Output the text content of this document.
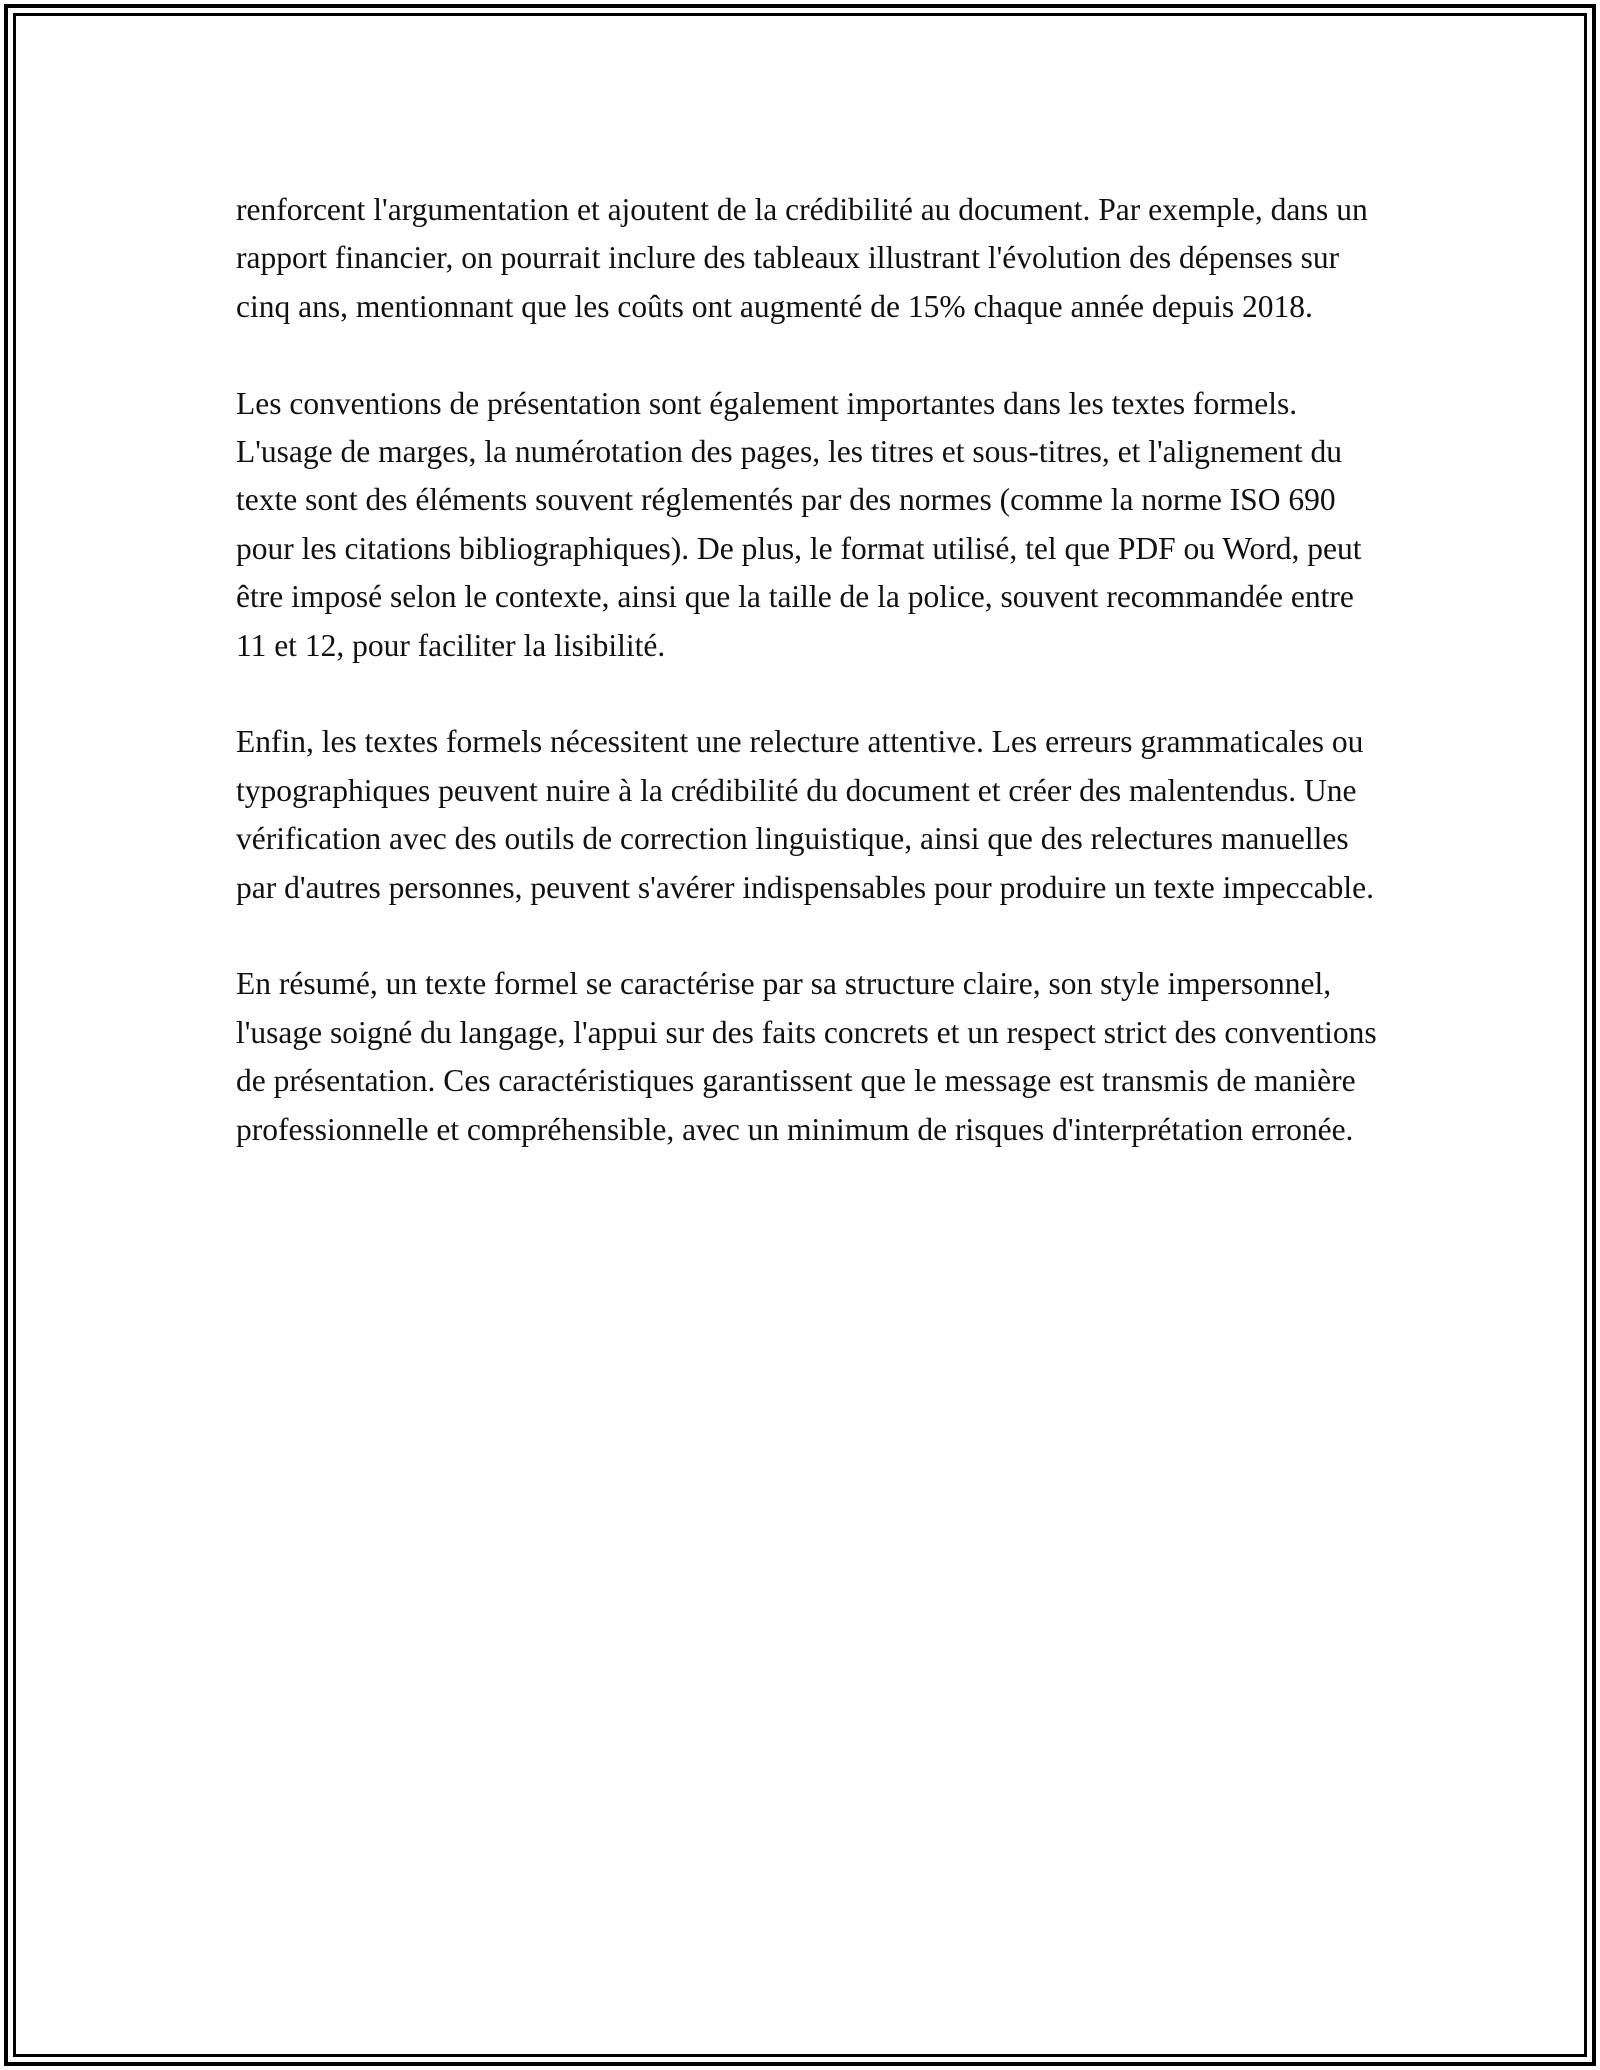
renforcent l'argumentation et ajoutent de la crédibilité au document. Par exemple, dans un rapport financier, on pourrait inclure des tableaux illustrant l'évolution des dépenses sur cinq ans, mentionnant que les coûts ont augmenté de 15% chaque année depuis 2018.

Les conventions de présentation sont également importantes dans les textes formels. L'usage de marges, la numérotation des pages, les titres et sous-titres, et l'alignement du texte sont des éléments souvent réglementés par des normes (comme la norme ISO 690 pour les citations bibliographiques). De plus, le format utilisé, tel que PDF ou Word, peut être imposé selon le contexte, ainsi que la taille de la police, souvent recommandée entre 11 et 12, pour faciliter la lisibilité.

Enfin, les textes formels nécessitent une relecture attentive. Les erreurs grammaticales ou typographiques peuvent nuire à la crédibilité du document et créer des malentendus. Une vérification avec des outils de correction linguistique, ainsi que des relectures manuelles par d'autres personnes, peuvent s'avérer indispensables pour produire un texte impeccable.

En résumé, un texte formel se caractérise par sa structure claire, son style impersonnel, l'usage soigné du langage, l'appui sur des faits concrets et un respect strict des conventions de présentation. Ces caractéristiques garantissent que le message est transmis de manière professionnelle et compréhensible, avec un minimum de risques d'interprétation erronée.
